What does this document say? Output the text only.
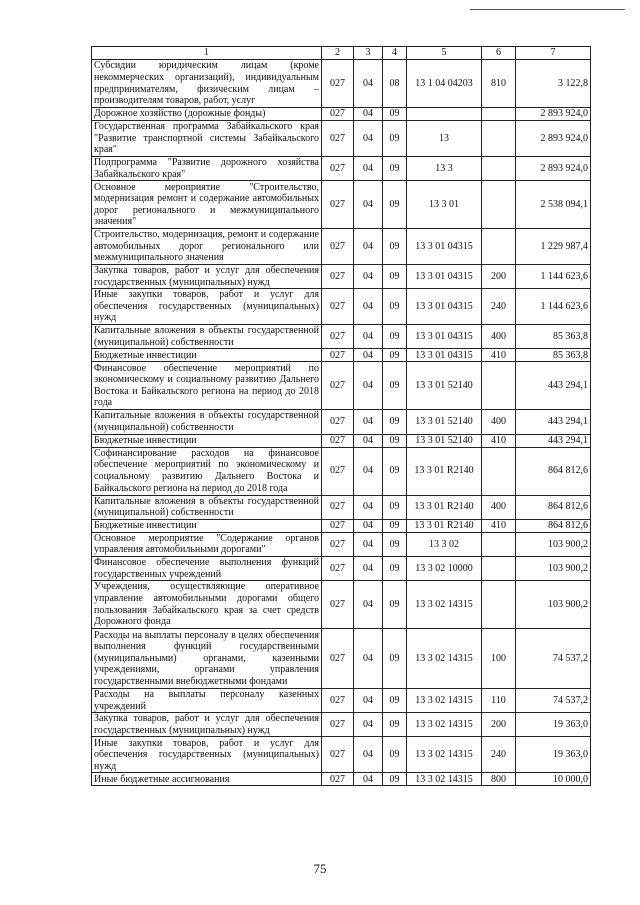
1	2	3	4	5	6	7
Субсидии юридическим лицам (кроме некоммерческих организаций), индивидуальным предпринимателям, физическим лицам – производителям товаров, работ, услуг	027	04	08	13 1 04 04203	810	3 122,8
Дорожное хозяйство (дорожные фонды)	027	04	09			2 893 924,0
Государственная программа Забайкальского края "Развитие транспортной системы Забайкальского края"	027	04	09	13		2 893 924,0
Подпрограмма "Развитие дорожного хозяйства Забайкальского края"	027	04	09	13 3		2 893 924,0
Основное мероприятие "Строительство, модернизация ремонт и содержание автомобильных дорог регионального и межмуниципального значения"	027	04	09	13 3 01		2 538 094,1
Строительство, модернизация, ремонт и содержание автомобильных дорог регионального или межмуниципального значения	027	04	09	13 3 01 04315		1 229 987,4
Закупка товаров, работ и услуг для обеспечения государственных (муниципальных) нужд	027	04	09	13 3 01 04315	200	1 144 623,6
Иные закупки товаров, работ и услуг для обеспечения государственных (муниципальных) нужд	027	04	09	13 3 01 04315	240	1 144 623,6
Капитальные вложения в объекты государственной (муниципальной) собственности	027	04	09	13 3 01 04315	400	85 363,8
Бюджетные инвестиции	027	04	09	13 3 01 04315	410	85 363,8
Финансовое обеспечение мероприятий по экономическому и социальному развитию Дальнего Востока и Байкальского региона на период до 2018 года	027	04	09	13 3 01 52140		443 294,1
Капитальные вложения в объекты государственной (муниципальной) собственности	027	04	09	13 3 01 52140	400	443 294,1
Бюджетные инвестиции	027	04	09	13 3 01 52140	410	443 294,1
Софинансирование расходов на финансовое обеспечение мероприятий по экономическому и социальному развитию Дальнего Востока и Байкальского региона на период до 2018 года	027	04	09	13 3 01 R2140		864 812,6
Капитальные вложения в объекты государственной (муниципальной) собственности	027	04	09	13 3 01 R2140	400	864 812,6
Бюджетные инвестиции	027	04	09	13 3 01 R2140	410	864 812,6
Основное мероприятие "Содержание органов управления автомобильными дорогами"	027	04	09	13 3 02		103 900,2
Финансовое обеспечение выполнения функций государственных учреждений	027	04	09	13 3 02 10000		103 900,2
Учреждения, осуществляющие оперативное управление автомобильными дорогами общего пользования Забайкальского края за счет средств Дорожного фонда	027	04	09	13 3 02 14315		103 900,2
Расходы на выплаты персоналу в целях обеспечения выполнения функций государственными (муниципальными) органами, казенными учреждениями, органами управления государственными внебюджетными фондами	027	04	09	13 3 02 14315	100	74 537,2
Расходы на выплаты персоналу казенных учреждений	027	04	09	13 3 02 14315	110	74 537,2
Закупка товаров, работ и услуг для обеспечения государственных (муниципальных) нужд	027	04	09	13 3 02 14315	200	19 363,0
Иные закупки товаров, работ и услуг для обеспечения государственных (муниципальных) нужд	027	04	09	13 3 02 14315	240	19 363,0
Иные бюджетные ассигнования	027	04	09	13 3 02 14315	800	10 000,0
75
